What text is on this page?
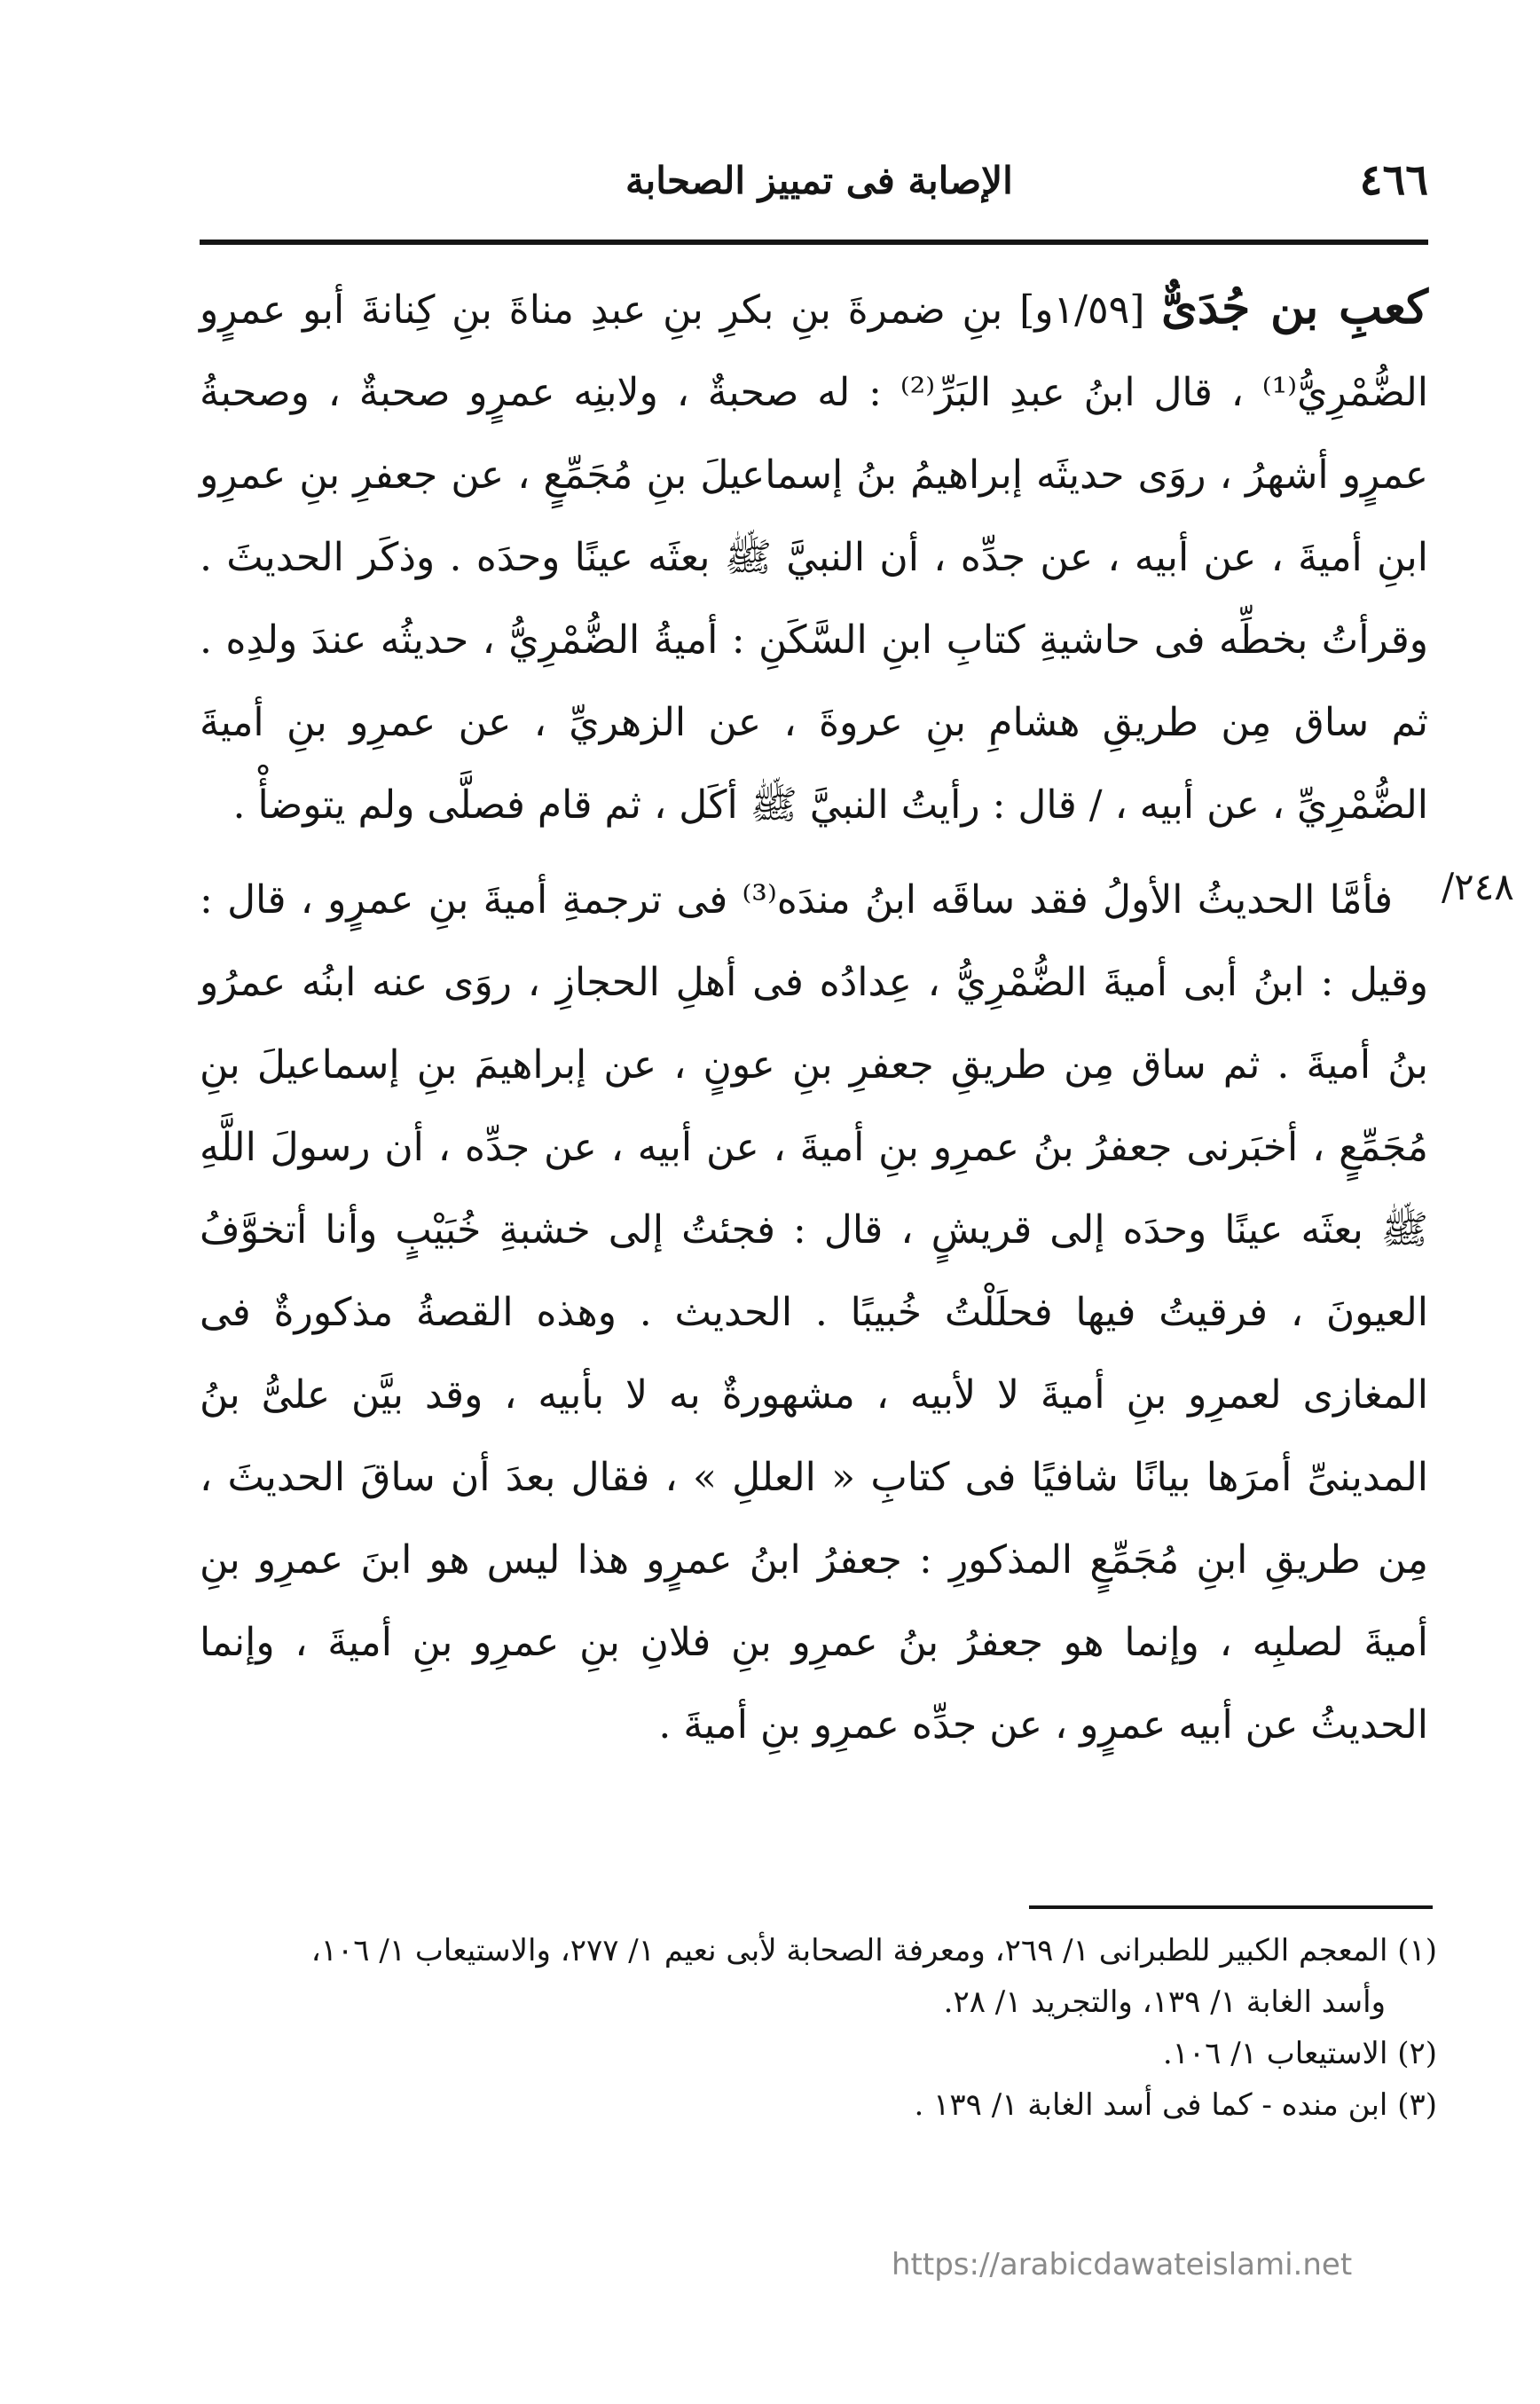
٤٦٦
الإصابة فى تمييز الصحابة
٢٤٨/

كعبِ بن جُدَیٌّ [١/٥٩و] بنِ ضمرةَ بنِ بكرِ بنِ عبدِ مناةَ بنِ كِنانةَ أبو عمرٍو الضُّمْرِيُّ⁽¹⁾ ، قال ابنُ عبدِ البَرِّ⁽²⁾ : له صحبةٌ ، ولابنِه عمرٍو صحبةٌ ، وصحبةُ عمرٍو أشهرُ ، روَى حديثَه إبراهيمُ بنُ إسماعيلَ بنِ مُجَمِّعٍ ، عن جعفرِ بنِ عمرِو ابنِ أميةَ ، عن أبيه ، عن جدِّه ، أن النبيَّ ﷺ بعثَه عينًا وحدَه . وذكَر الحديثَ . وقرأتُ بخطِّه فى حاشيةِ كتابِ ابنِ السَّكَنِ : أميةُ الضُّمْرِيُّ ، حديثُه عندَ ولدِه . ثم ساق مِن طريقِ هشامِ بنِ عروةَ ، عن الزهريِّ ، عن عمرِو بنِ أميةَ الضُّمْرِيِّ ، عن أبيه ، / قال : رأيتُ النبيَّ ﷺ أكَل ، ثم قام فصلَّى ولم يتوضأْ .

فأمَّا الحديثُ الأولُ فقد ساقَه ابنُ مندَه⁽³⁾ فى ترجمةِ أميةَ بنِ عمرٍو ، قال : وقيل : ابنُ أبى أميةَ الضُّمْرِيُّ ، عِدادُه فى أهلِ الحجازِ ، روَى عنه ابنُه عمرُو بنُ أميةَ . ثم ساق مِن طريقِ جعفرِ بنِ عونٍ ، عن إبراهيمَ بنِ إسماعيلَ بنِ مُجَمِّعٍ ، أخبَرنى جعفرُ بنُ عمرِو بنِ أميةَ ، عن أبيه ، عن جدِّه ، أن رسولَ اللَّهِ ﷺ بعثَه عينًا وحدَه إلى قريشٍ ، قال : فجئتُ إلى خشبةِ خُبَيْبٍ وأنا أتخوَّفُ العيونَ ، فرقيتُ فيها فحلَلْتُ خُبيبًا . الحديث . وهذه القصةُ مذكورةٌ فى المغازى لعمرِو بنِ أميةَ لا لأبيه ، مشهورةٌ به لا بأبيه ، وقد بيَّن علىُّ بنُ المدينىِّ أمرَها بيانًا شافيًا فى كتابِ « العللِ » ، فقال بعدَ أن ساقَ الحديثَ ، مِن طريقِ ابنِ مُجَمِّعٍ المذكورِ : جعفرُ ابنُ عمرٍو هذا ليس هو ابنَ عمرِو بنِ أميةَ لصلبِه ، وإنما هو جعفرُ بنُ عمرِو بنِ فلانِ بنِ عمرِو بنِ أميةَ ، وإنما الحديثُ عن أبيه عمرٍو ، عن جدِّه عمرِو بنِ أميةَ .

(١) المعجم الكبير للطبرانى ١/ ٢٦٩، ومعرفة الصحابة لأبى نعيم ١/ ٢٧٧، والاستيعاب ١/ ١٠٦،

وأسد الغابة ١/ ١٣٩، والتجريد ١/ ٢٨.

(٢) الاستيعاب ١/ ١٠٦.

(٣) ابن منده - كما فى أسد الغابة ١/ ١٣٩ .

https://arabicdawateislami.net
